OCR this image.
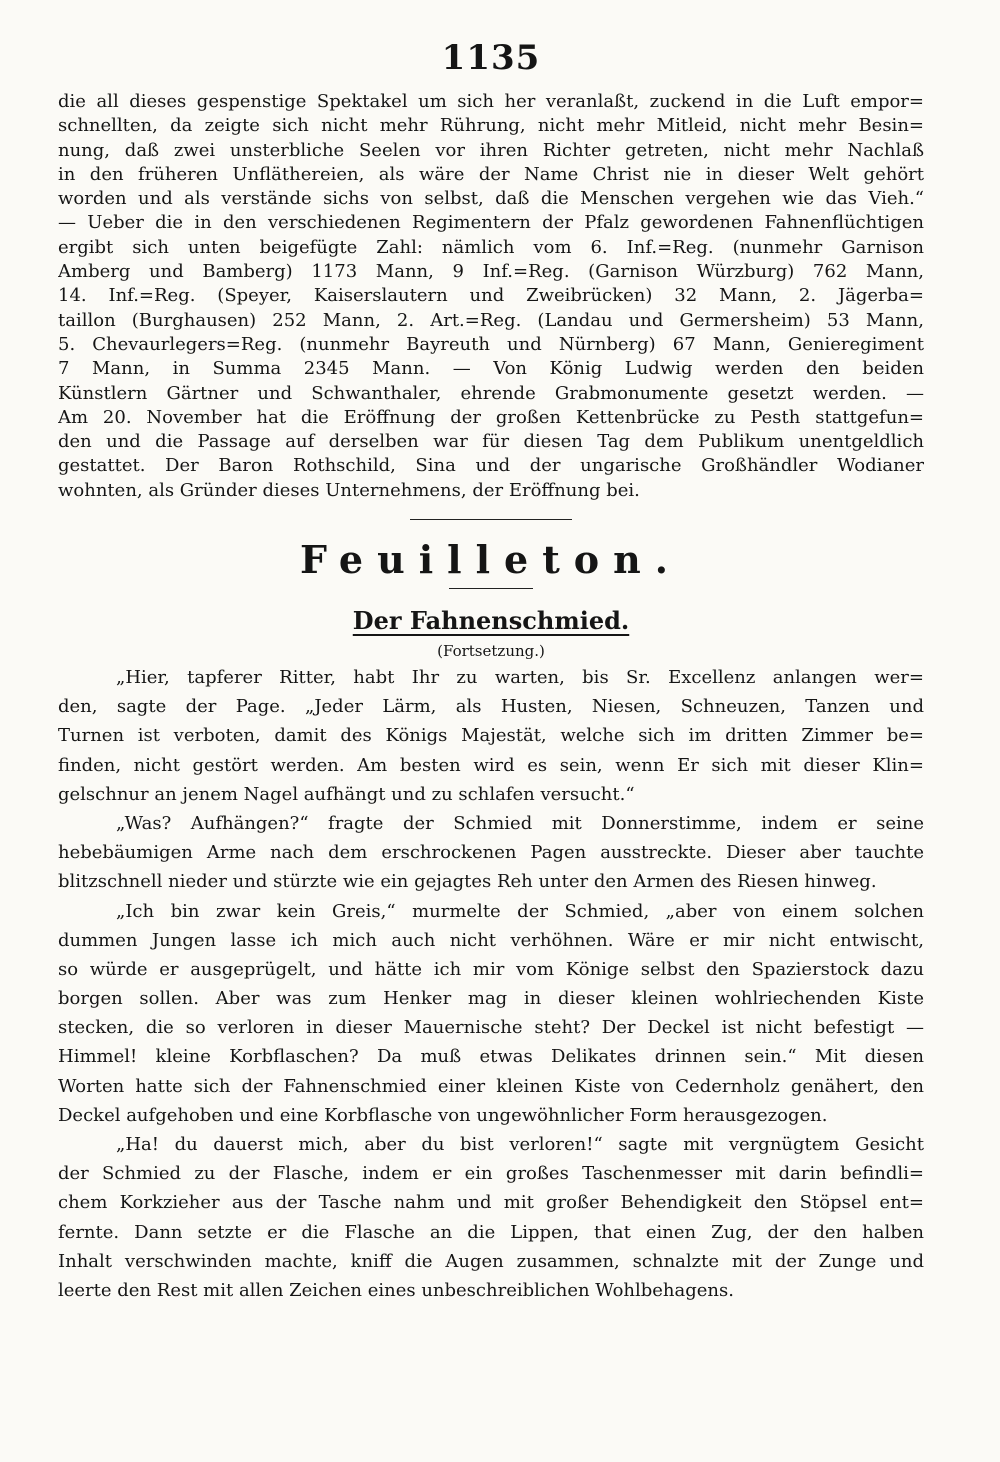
1135
die all dieses gespenstige Spektakel um sich her veranlaßt, zuckend in die Luft empor=
schnellten, da zeigte sich nicht mehr Rührung, nicht mehr Mitleid, nicht mehr Besin=
nung, daß zwei unsterbliche Seelen vor ihren Richter getreten, nicht mehr Nachlaß
in den früheren Unfläthereien, als wäre der Name Christ nie in dieser Welt gehört
worden und als verstände sichs von selbst, daß die Menschen vergehen wie das Vieh.“
— Ueber die in den verschiedenen Regimentern der Pfalz gewordenen Fahnenflüchtigen
ergibt sich unten beigefügte Zahl: nämlich vom 6. Inf.=Reg. (nunmehr Garnison
Amberg und Bamberg) 1173 Mann, 9 Inf.=Reg. (Garnison Würzburg) 762 Mann,
14. Inf.=Reg. (Speyer, Kaiserslautern und Zweibrücken) 32 Mann, 2. Jägerba=
taillon (Burghausen) 252 Mann, 2. Art.=Reg. (Landau und Germersheim) 53 Mann,
5. Chevaurlegers=Reg. (nunmehr Bayreuth und Nürnberg) 67 Mann, Genieregiment
7 Mann, in Summa 2345 Mann. — Von König Ludwig werden den beiden
Künstlern Gärtner und Schwanthaler, ehrende Grabmonumente gesetzt werden. —
Am 20. November hat die Eröffnung der großen Kettenbrücke zu Pesth stattgefun=
den und die Passage auf derselben war für diesen Tag dem Publikum unentgeldlich
gestattet. Der Baron Rothschild, Sina und der ungarische Großhändler Wodianer
wohnten, als Gründer dieses Unternehmens, der Eröffnung bei.
Feuilleton.
Der Fahnenschmied.
(Fortsetzung.)
„Hier, tapferer Ritter, habt Ihr zu warten, bis Sr. Excellenz anlangen wer=
den, sagte der Page. „Jeder Lärm, als Husten, Niesen, Schneuzen, Tanzen und
Turnen ist verboten, damit des Königs Majestät, welche sich im dritten Zimmer be=
finden, nicht gestört werden. Am besten wird es sein, wenn Er sich mit dieser Klin=
gelschnur an jenem Nagel aufhängt und zu schlafen versucht.“
„Was? Aufhängen?“ fragte der Schmied mit Donnerstimme, indem er seine
hebebäumigen Arme nach dem erschrockenen Pagen ausstreckte. Dieser aber tauchte
blitzschnell nieder und stürzte wie ein gejagtes Reh unter den Armen des Riesen hinweg.
„Ich bin zwar kein Greis,“ murmelte der Schmied, „aber von einem solchen
dummen Jungen lasse ich mich auch nicht verhöhnen. Wäre er mir nicht entwischt,
so würde er ausgeprügelt, und hätte ich mir vom Könige selbst den Spazierstock dazu
borgen sollen. Aber was zum Henker mag in dieser kleinen wohlriechenden Kiste
stecken, die so verloren in dieser Mauernische steht? Der Deckel ist nicht befestigt —
Himmel! kleine Korbflaschen? Da muß etwas Delikates drinnen sein.“ Mit diesen
Worten hatte sich der Fahnenschmied einer kleinen Kiste von Cedernholz genähert, den
Deckel aufgehoben und eine Korbflasche von ungewöhnlicher Form herausgezogen.
„Ha! du dauerst mich, aber du bist verloren!“ sagte mit vergnügtem Gesicht
der Schmied zu der Flasche, indem er ein großes Taschenmesser mit darin befindli=
chem Korkzieher aus der Tasche nahm und mit großer Behendigkeit den Stöpsel ent=
fernte. Dann setzte er die Flasche an die Lippen, that einen Zug, der den halben
Inhalt verschwinden machte, kniff die Augen zusammen, schnalzte mit der Zunge und
leerte den Rest mit allen Zeichen eines unbeschreiblichen Wohlbehagens.
